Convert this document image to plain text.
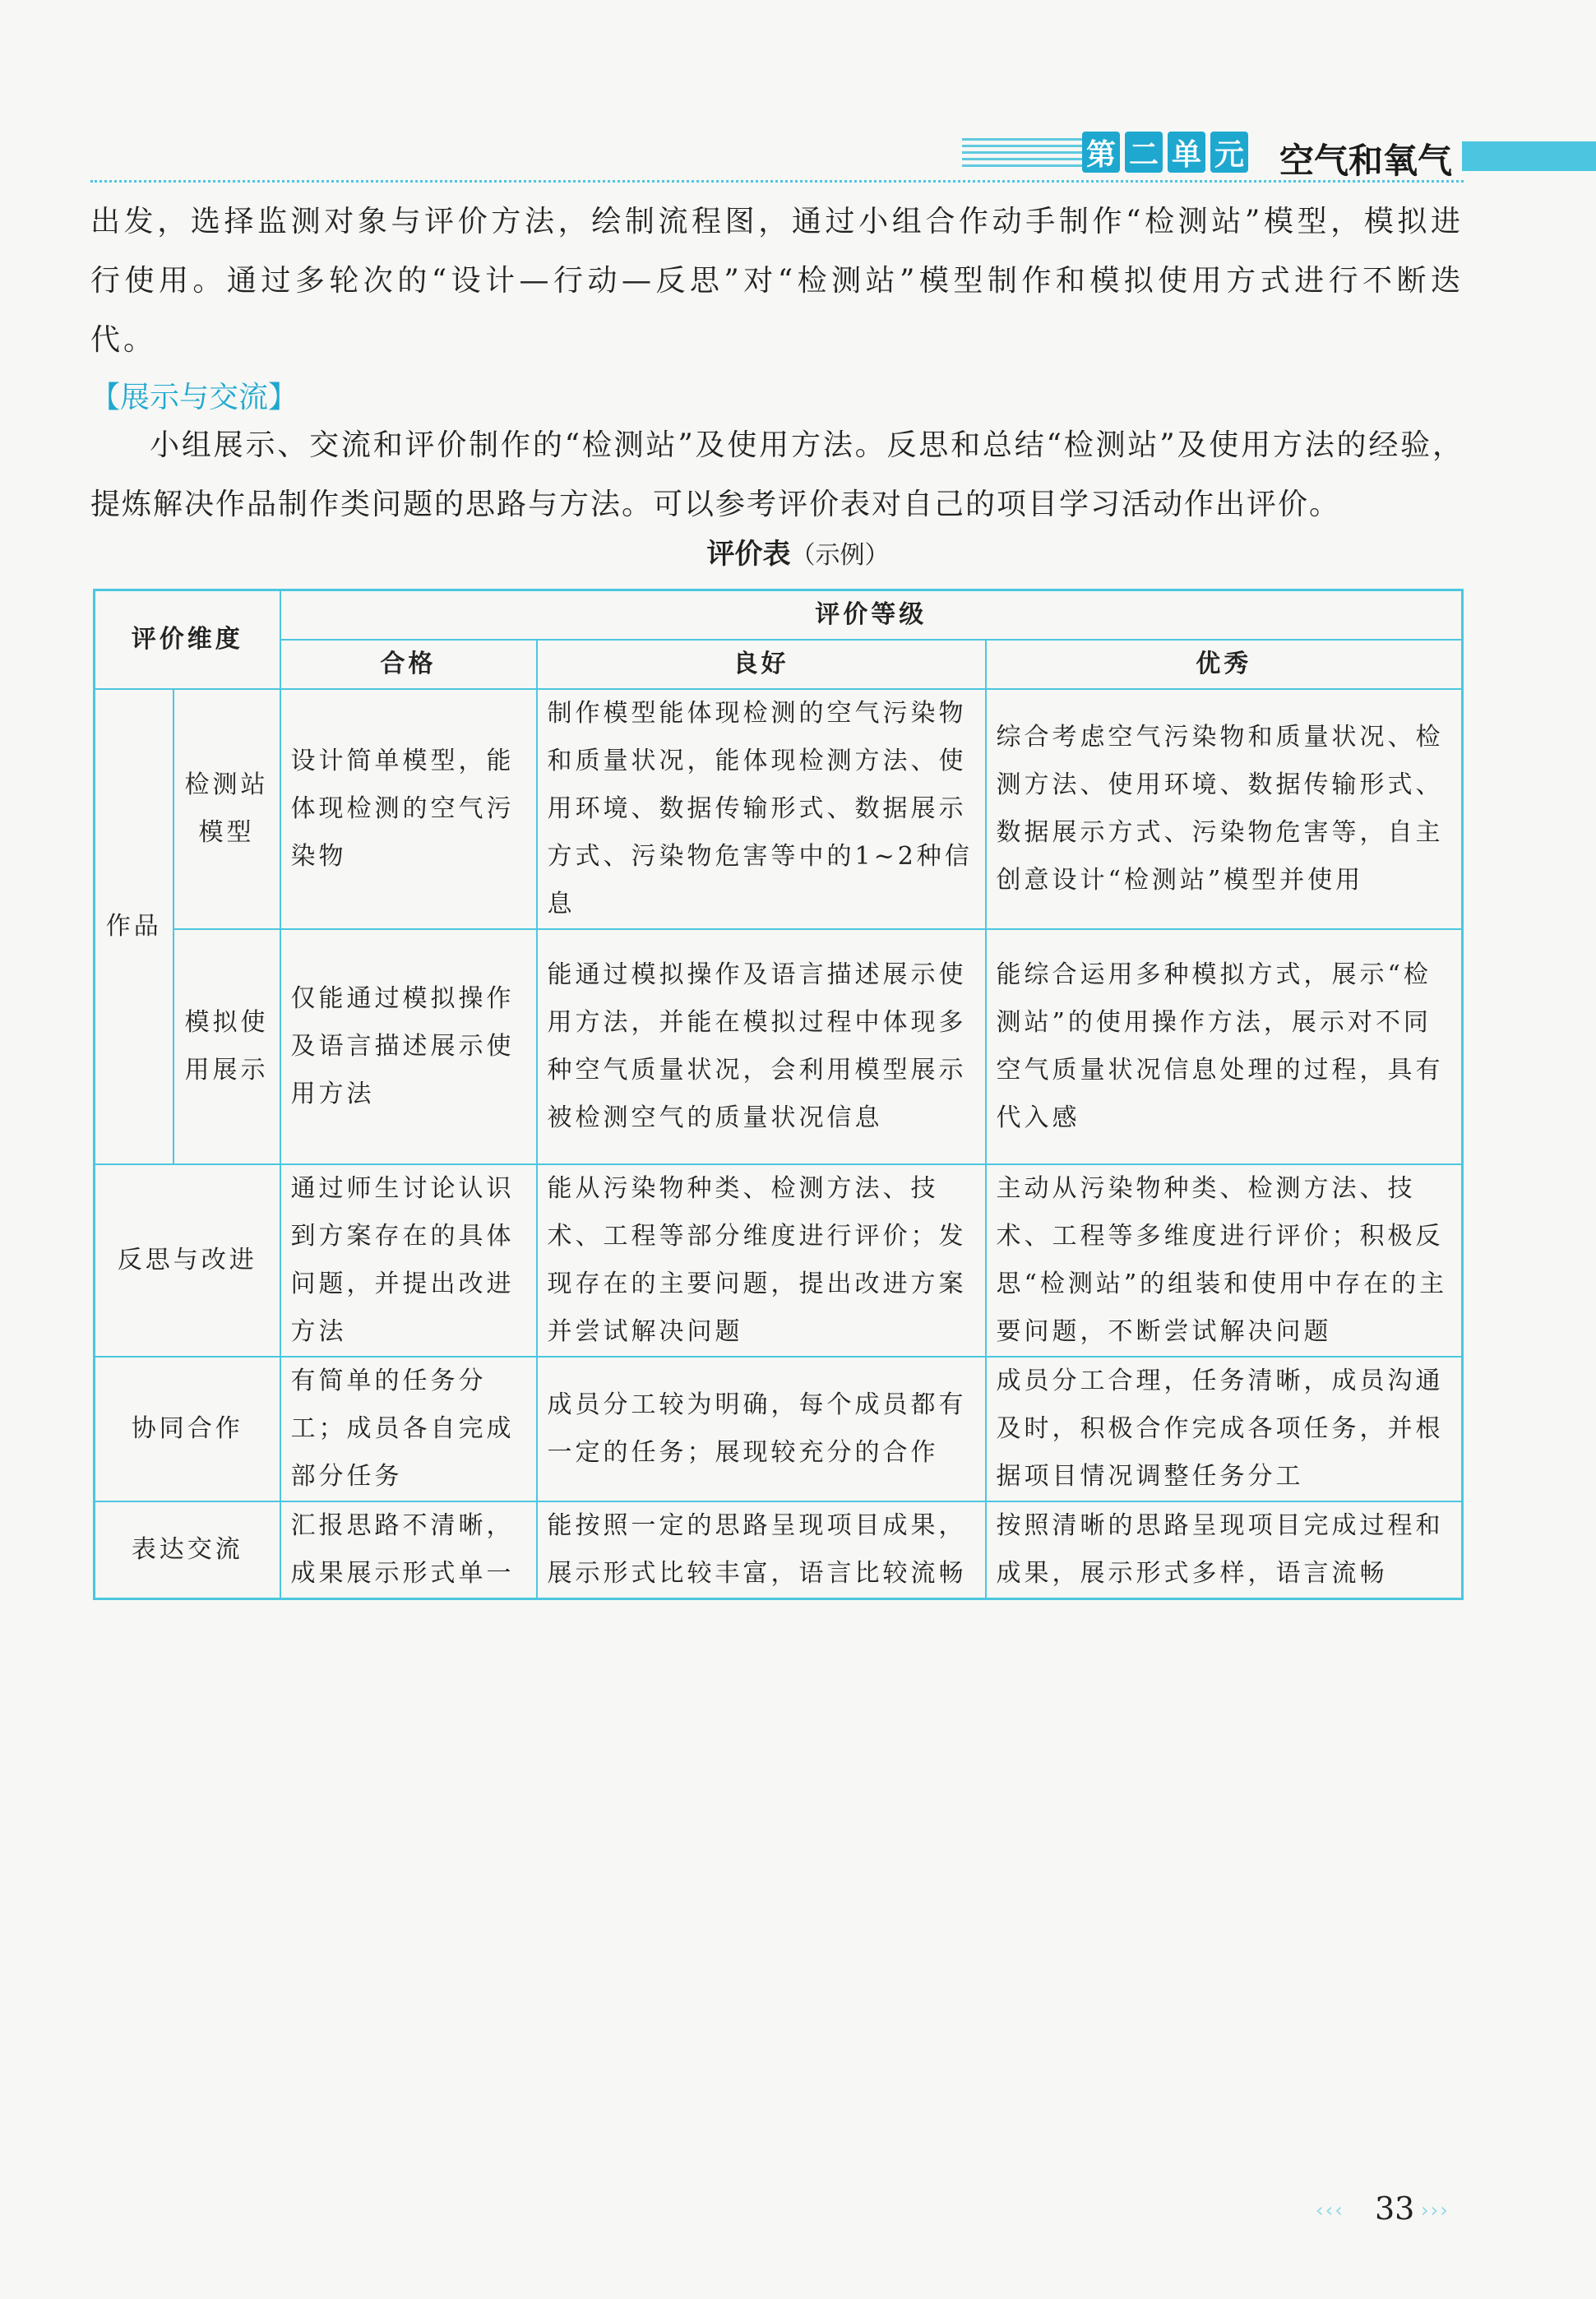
第 二 单 元 空气和氧气
出发，选择监测对象与评价方法，绘制流程图，通过小组合作动手制作“检测站”模型，模拟进行使用。通过多轮次的“设计—行动—反思”对“检测站”模型制作和模拟使用方式进行不断迭代。
【展示与交流】
小组展示、交流和评价制作的“检测站”及使用方法。反思和总结“检测站”及使用方法的经验，提炼解决作品制作类问题的思路与方法。可以参考评价表对自己的项目学习活动作出评价。
评价表（示例）
评价维度		评价等级		
		合格	良好	优秀
作品	检测站模型	设计简单模型，能体现检测的空气污染物	制作模型能体现检测的空气污染物和质量状况，能体现检测方法、使用环境、数据传输形式、数据展示方式、污染物危害等中的1~2种信息	综合考虑空气污染物和质量状况、检测方法、使用环境、数据传输形式、数据展示方式、污染物危害等，自主创意设计“检测站”模型并使用
	模拟使用展示	仅能通过模拟操作及语言描述展示使用方法	能通过模拟操作及语言描述展示使用方法，并能在模拟过程中体现多种空气质量状况，会利用模型展示被检测空气的质量状况信息	能综合运用多种模拟方式，展示“检测站”的使用操作方法，展示对不同空气质量状况信息处理的过程，具有代入感
反思与改进		通过师生讨论认识到方案存在的具体问题，并提出改进方法	能从污染物种类、检测方法、技术、工程等部分维度进行评价；发现存在的主要问题，提出改进方案并尝试解决问题	主动从污染物种类、检测方法、技术、工程等多维度进行评价；积极反思“检测站”的组装和使用中存在的主要问题，不断尝试解决问题
协同合作		有简单的任务分工；成员各自完成部分任务	成员分工较为明确，每个成员都有一定的任务；展现较充分的合作	成员分工合理，任务清晰，成员沟通及时，积极合作完成各项任务，并根据项目情况调整任务分工
表达交流		汇报思路不清晰，成果展示形式单一	能按照一定的思路呈现项目成果，展示形式比较丰富，语言比较流畅	按照清晰的思路呈现项目完成过程和成果，展示形式多样，语言流畅
‹‹‹ 33 ›››
